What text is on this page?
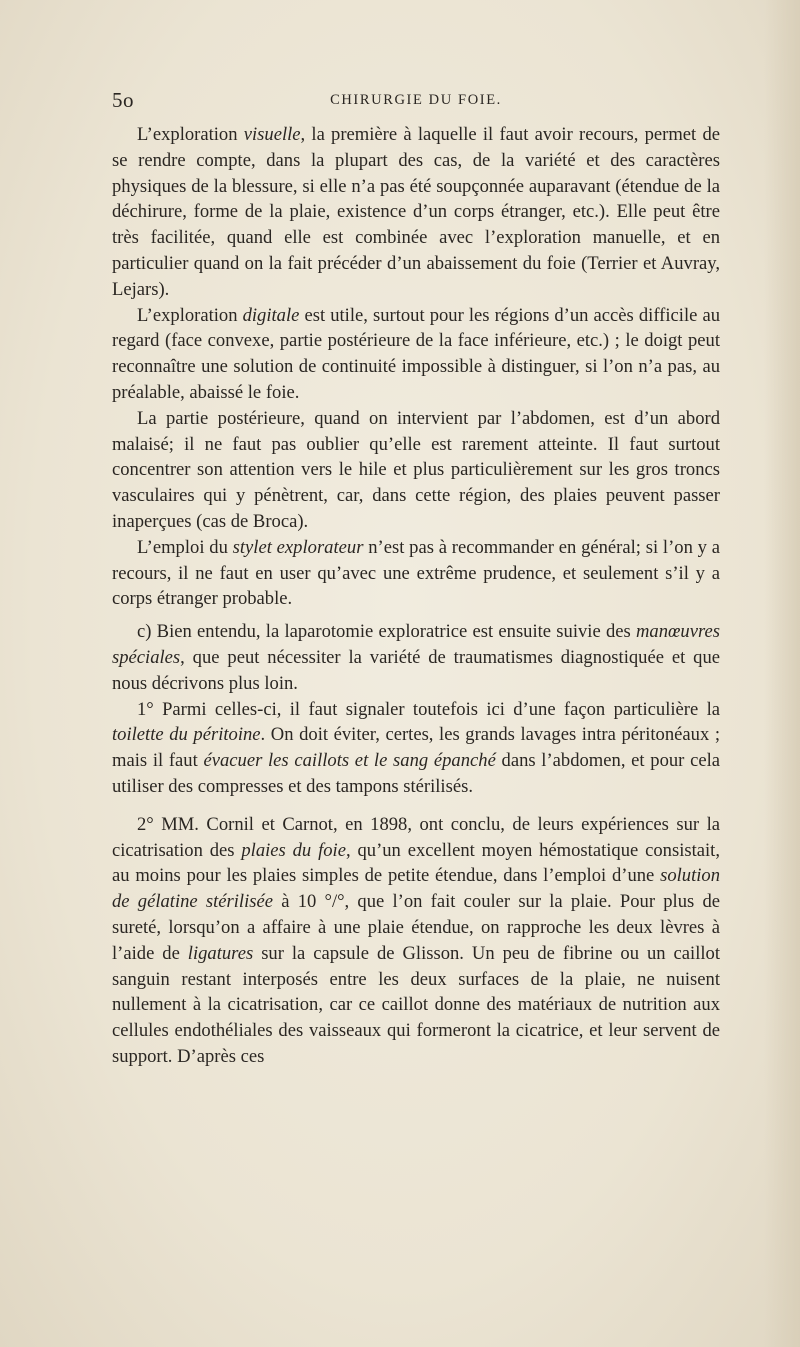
5o	CHIRURGIE DU FOIE.

L’exploration visuelle, la première à laquelle il faut avoir recours, permet de se rendre compte, dans la plupart des cas, de la variété et des caractères physiques de la blessure, si elle n’a pas été soupçonnée auparavant (étendue de la déchirure, forme de la plaie, existence d’un corps étranger, etc.). Elle peut être très facilitée, quand elle est combinée avec l’exploration manuelle, et en particulier quand on la fait précéder d’un abaissement du foie (Terrier et Auvray, Lejars).

L’exploration digitale est utile, surtout pour les régions d’un accès difficile au regard (face convexe, partie postérieure de la face inférieure, etc.) ; le doigt peut reconnaître une solution de continuité impossible à distinguer, si l’on n’a pas, au préalable, abaissé le foie.

La partie postérieure, quand on intervient par l’abdomen, est d’un abord malaisé; il ne faut pas oublier qu’elle est rarement atteinte. Il faut surtout concentrer son attention vers le hile et plus particulièrement sur les gros troncs vasculaires qui y pénètrent, car, dans cette région, des plaies peuvent passer inaperçues (cas de Broca).

L’emploi du stylet explorateur n’est pas à recommander en général; si l’on y a recours, il ne faut en user qu’avec une extrême prudence, et seulement s’il y a corps étranger probable.

c) Bien entendu, la laparotomie exploratrice est ensuite suivie des manœuvres spéciales, que peut nécessiter la variété de traumatismes diagnostiquée et que nous décrivons plus loin.

1° Parmi celles-ci, il faut signaler toutefois ici d’une façon particulière la toilette du péritoine. On doit éviter, certes, les grands lavages intra péritonéaux ; mais il faut évacuer les caillots et le sang épanché dans l’abdomen, et pour cela utiliser des compresses et des tampons stérilisés.

2° MM. Cornil et Carnot, en 1898, ont conclu, de leurs expériences sur la cicatrisation des plaies du foie, qu’un excellent moyen hémostatique consistait, au moins pour les plaies simples de petite étendue, dans l’emploi d’une solution de gélatine stérilisée à 10 °/°, que l’on fait couler sur la plaie. Pour plus de sureté, lorsqu’on a affaire à une plaie étendue, on rapproche les deux lèvres à l’aide de ligatures sur la capsule de Glisson. Un peu de fibrine ou un caillot sanguin restant interposés entre les deux surfaces de la plaie, ne nuisent nullement à la cicatrisation, car ce caillot donne des matériaux de nutrition aux cellules endothéliales des vaisseaux qui formeront la cicatrice, et leur servent de support. D’après ces
